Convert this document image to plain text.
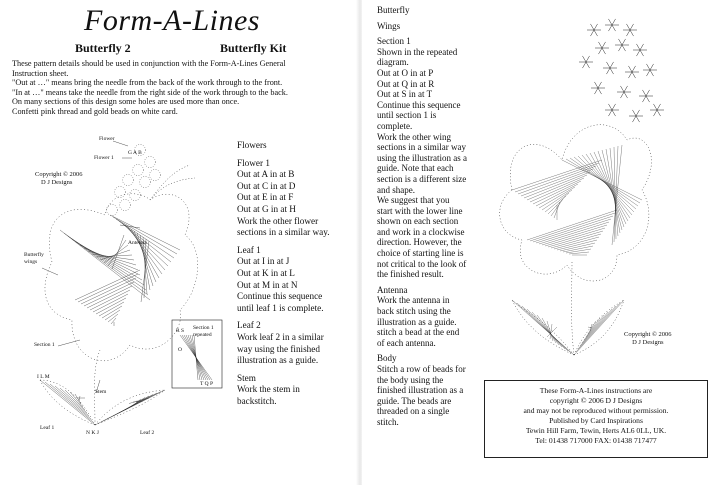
Form-A-Lines
Butterfly 2	Butterfly Kit
These pattern details should be used in conjunction with the Form-A-Lines General
Instruction sheet.
"Out at …" means bring the needle from the back of the work through to the front.
"In at …" means take the needle from the right side of the work through to the back.
On many sections of this design some holes are used more than once.
Confetti pink thread and gold beads on white card.
Flower
Flower 1
G A B
Copyright © 2006
D J Designs
Antenna
Butterfly wings
Section 1
Section 1 repeated
R S
O
T Q P
I L M
Stem
Leaf 1
Leaf 2
N K J
Flowers
Flower 1
Out at A in at B
Out at C in at D
Out at E in at F
Out at G in at H
Work the other flower
sections in a similar way.
Leaf 1
Out at I in at J
Out at K in at L
Out at M in at N
Continue this sequence
until leaf 1 is complete.
Leaf 2
Work leaf 2 in a similar
way using the finished
illustration as a guide.
Stem
Work the stem in
backstitch.
Butterfly
Wings
Section 1
Shown in the repeated
diagram.
Out at O in at P
Out at Q in at R
Out at S in at T
Continue this sequence
until section 1 is
complete.
Work the other wing
sections in a similar way
using the illustration as a
guide. Note that each
section is a different size
and shape.
We suggest that you
start with the lower line
shown on each section
and work in a clockwise
direction. However, the
choice of starting line is
not critical to the look of
the finished result.
Antenna
Work the antenna in
back stitch using the
illustration as a guide.
stitch a bead at the end
of each antenna.
Body
Stitch a row of beads for
the body using the
finished illustration as a
guide. The beads are
threaded on a single
stitch.
Copyright © 2006
D J Designs
These Form-A-Lines instructions are
copyright © 2006 D J Designs
and may not be reproduced without permission.
Published by Card Inspirations
Tewin Hill Farm, Tewin, Herts AL6 0LL, UK.
Tel: 01438 717000 FAX: 01438 717477
